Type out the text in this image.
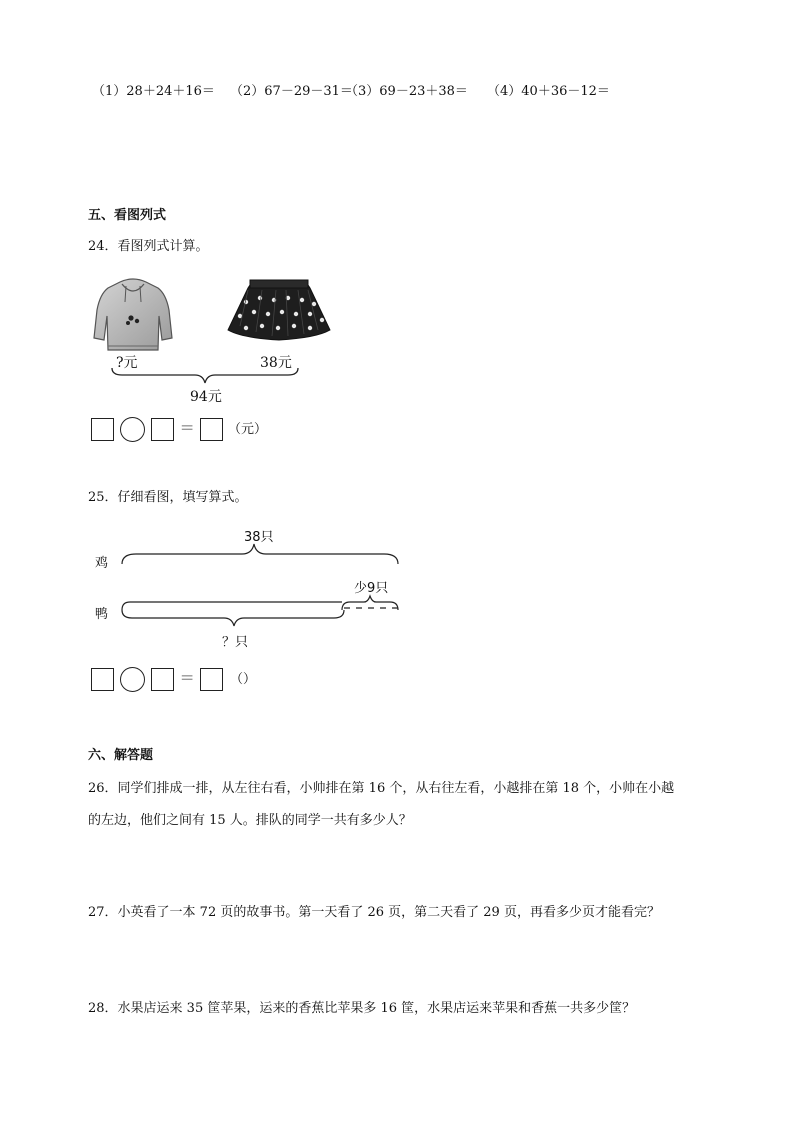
（1）28＋24＋16＝ （2）67－29－31＝
（3）69－23＋38＝ （4）40＋36－12＝
五、看图列式
24．看图列式计算。
?元	38元
94元
=	（元）
25．仔细看图，填写算式。
38只
鸡
少9只
鸭
？只
=	（）
六、解答题
26．同学们排成一排，从左往右看，小帅排在第 16 个，从右往左看，小越排在第 18 个，小帅在小越
的左边，他们之间有 15 人。排队的同学一共有多少人？
27．小英看了一本 72 页的故事书。第一天看了 26 页，第二天看了 29 页，再看多少页才能看完？
28．水果店运来 35 筐苹果，运来的香蕉比苹果多 16 筐，水果店运来苹果和香蕉一共多少筐？
